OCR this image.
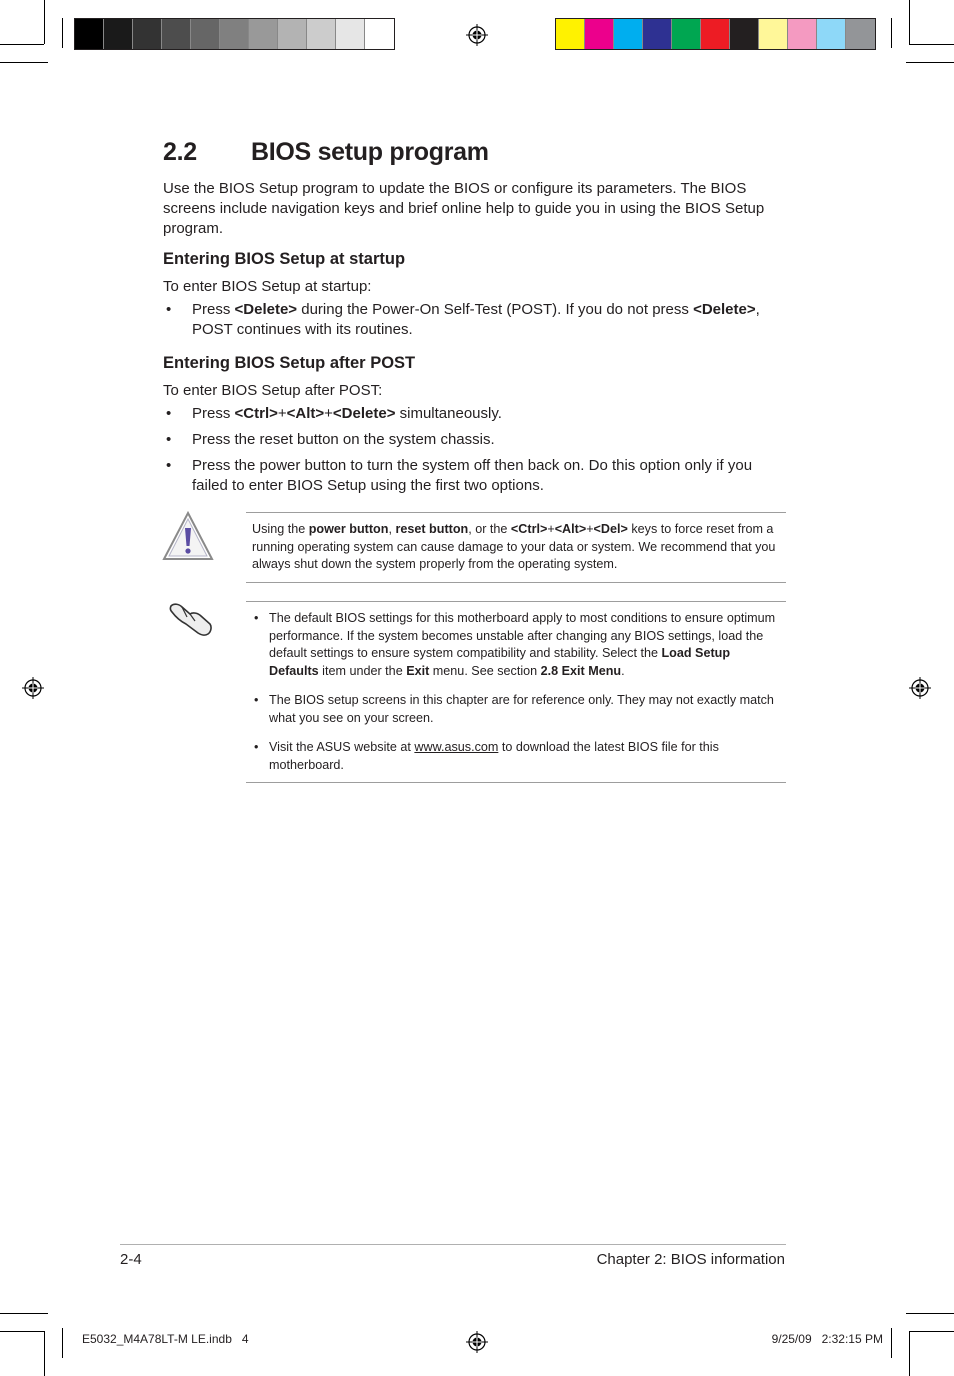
2.2 BIOS setup program

Use the BIOS Setup program to update the BIOS or configure its parameters. The BIOS screens include navigation keys and brief online help to guide you in using the BIOS Setup program.

Entering BIOS Setup at startup

To enter BIOS Setup at startup:

• Press <Delete> during the Power-On Self-Test (POST). If you do not press <Delete>, POST continues with its routines.
Entering BIOS Setup after POST

To enter BIOS Setup after POST:

• Press <Ctrl>+<Alt>+<Delete> simultaneously.
• Press the reset button on the system chassis.
• Press the power button to turn the system off then back on. Do this option only if you failed to enter BIOS Setup using the first two options.
Using the power button, reset button, or the <Ctrl>+<Alt>+<Del> keys to force reset from a running operating system can cause damage to your data or system. We recommend that you always shut down the system properly from the operating system.
• The default BIOS settings for this motherboard apply to most conditions to ensure optimum performance. If the system becomes unstable after changing any BIOS settings, load the default settings to ensure system compatibility and stability. Select the Load Setup Defaults item under the Exit menu. See section 2.8 Exit Menu.
• The BIOS setup screens in this chapter are for reference only. They may not exactly match what you see on your screen.
• Visit the ASUS website at www.asus.com to download the latest BIOS file for this motherboard.
2-4	Chapter 2: BIOS information
E5032_M4A78LT-M LE.indb   4	9/25/09   2:32:15 PM
